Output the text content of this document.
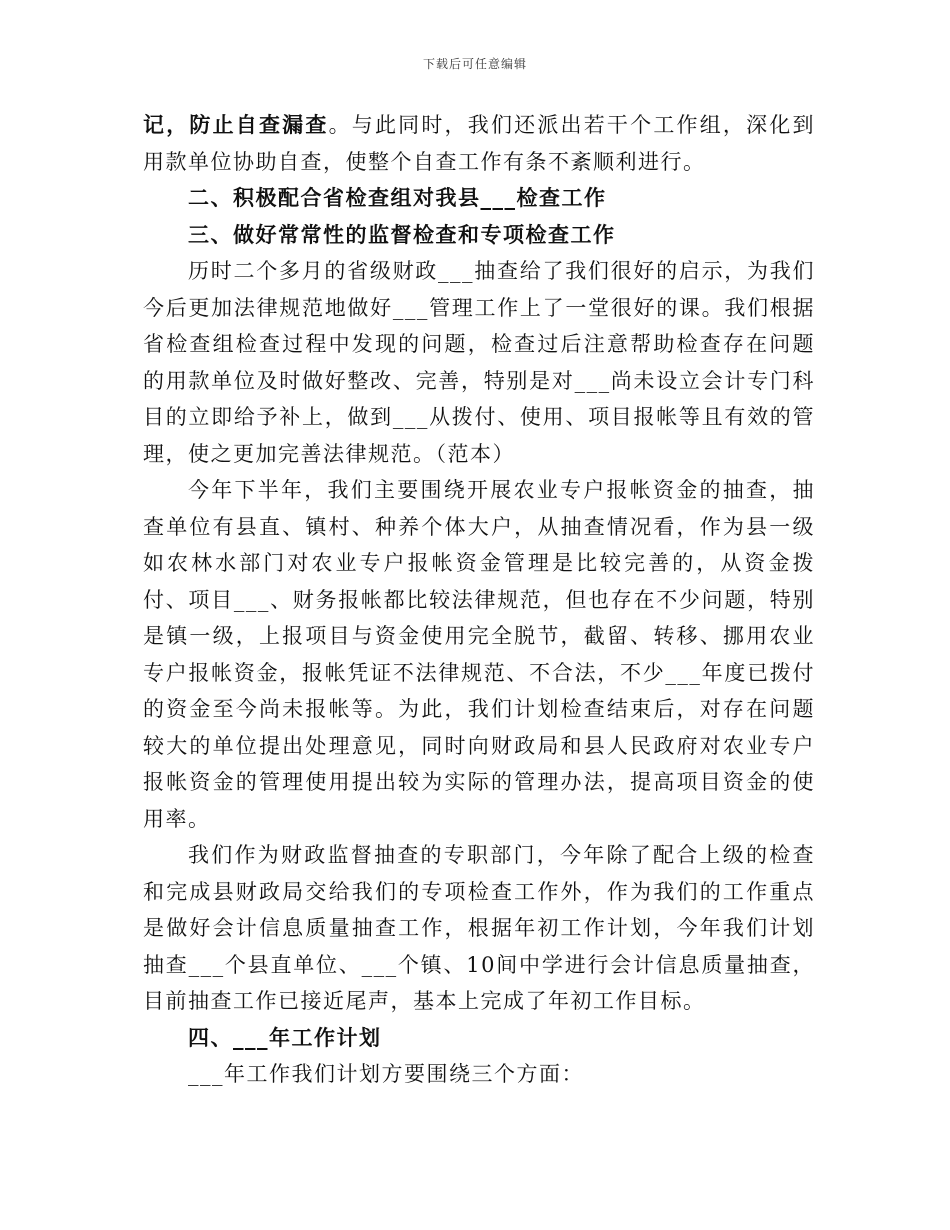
下载后可任意编辑

记，防止自查漏查。与此同时，我们还派出若干个工作组，深化到用款单位协助自查，使整个自查工作有条不紊顺利进行。

二、积极配合省检查组对我县___检查工作

三、做好常常性的监督检查和专项检查工作

历时二个多月的省级财政___抽查给了我们很好的启示，为我们今后更加法律规范地做好___管理工作上了一堂很好的课。我们根据省检查组检查过程中发现的问题，检查过后注意帮助检查存在问题的用款单位及时做好整改、完善，特别是对___尚未设立会计专门科目的立即给予补上，做到___从拨付、使用、项目报帐等且有效的管理，使之更加完善法律规范。（范本）

今年下半年，我们主要围绕开展农业专户报帐资金的抽查，抽查单位有县直、镇村、种养个体大户，从抽查情况看，作为县一级如农林水部门对农业专户报帐资金管理是比较完善的，从资金拨付、项目___、财务报帐都比较法律规范，但也存在不少问题，特别是镇一级，上报项目与资金使用完全脱节，截留、转移、挪用农业专户报帐资金，报帐凭证不法律规范、不合法，不少___年度已拨付的资金至今尚未报帐等。为此，我们计划检查结束后，对存在问题较大的单位提出处理意见，同时向财政局和县人民政府对农业专户报帐资金的管理使用提出较为实际的管理办法，提高项目资金的使用率。

我们作为财政监督抽查的专职部门，今年除了配合上级的检查和完成县财政局交给我们的专项检查工作外，作为我们的工作重点是做好会计信息质量抽查工作，根据年初工作计划，今年我们计划抽查___个县直单位、___个镇、10间中学进行会计信息质量抽查，目前抽查工作已接近尾声，基本上完成了年初工作目标。

四、___年工作计划

___年工作我们计划方要围绕三个方面：
